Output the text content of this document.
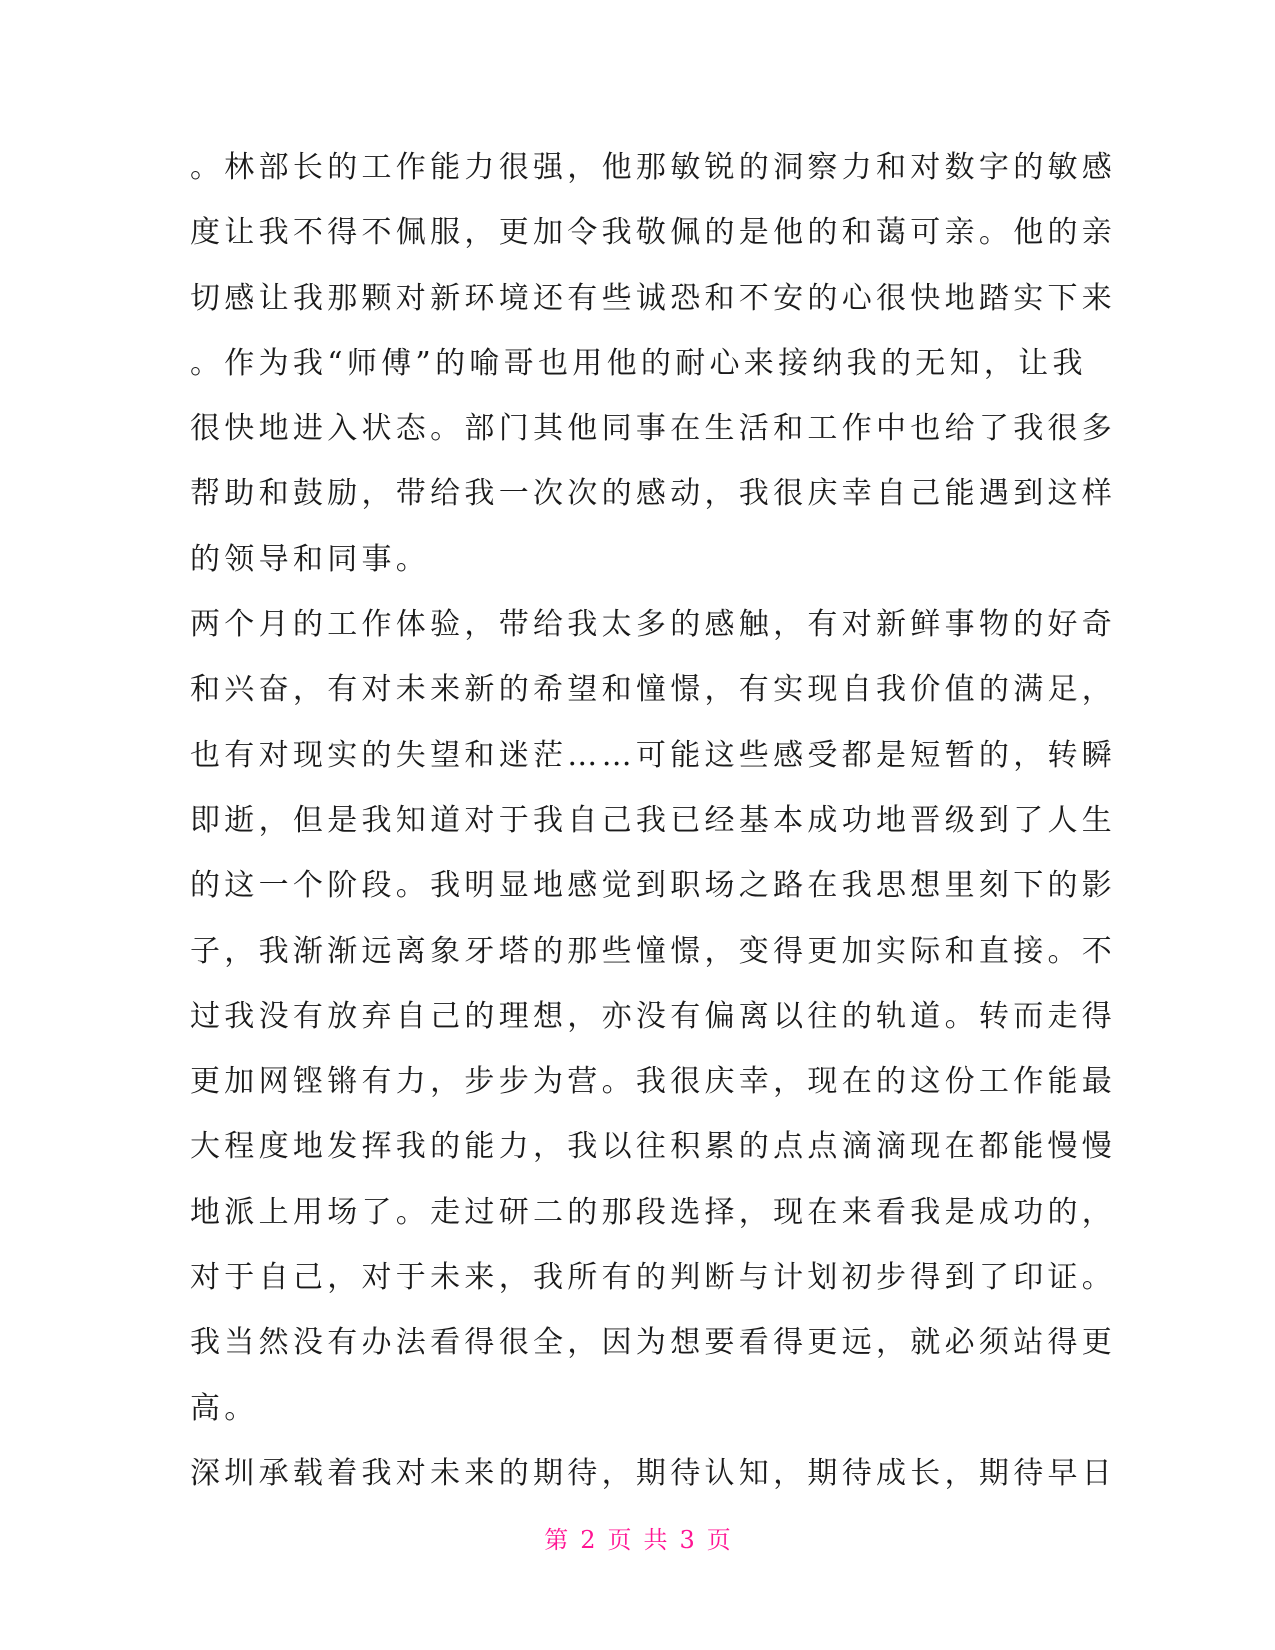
。林部长的工作能力很强，他那敏锐的洞察力和对数字的敏感
度让我不得不佩服，更加令我敬佩的是他的和蔼可亲。他的亲
切感让我那颗对新环境还有些诚恐和不安的心很快地踏实下来
。作为我“师傅”的喻哥也用他的耐心来接纳我的无知，让我
很快地进入状态。部门其他同事在生活和工作中也给了我很多
帮助和鼓励，带给我一次次的感动，我很庆幸自己能遇到这样
的领导和同事。
两个月的工作体验，带给我太多的感触，有对新鲜事物的好奇
和兴奋，有对未来新的希望和憧憬，有实现自我价值的满足，
也有对现实的失望和迷茫……可能这些感受都是短暂的，转瞬
即逝，但是我知道对于我自己我已经基本成功地晋级到了人生
的这一个阶段。我明显地感觉到职场之路在我思想里刻下的影
子，我渐渐远离象牙塔的那些憧憬，变得更加实际和直接。不
过我没有放弃自己的理想，亦没有偏离以往的轨道。转而走得
更加网铿锵有力，步步为营。我很庆幸，现在的这份工作能最
大程度地发挥我的能力，我以往积累的点点滴滴现在都能慢慢
地派上用场了。走过研二的那段选择，现在来看我是成功的，
对于自己，对于未来，我所有的判断与计划初步得到了印证。
我当然没有办法看得很全，因为想要看得更远，就必须站得更
高。
深圳承载着我对未来的期待，期待认知，期待成长，期待早日
第 2 页 共 3 页
